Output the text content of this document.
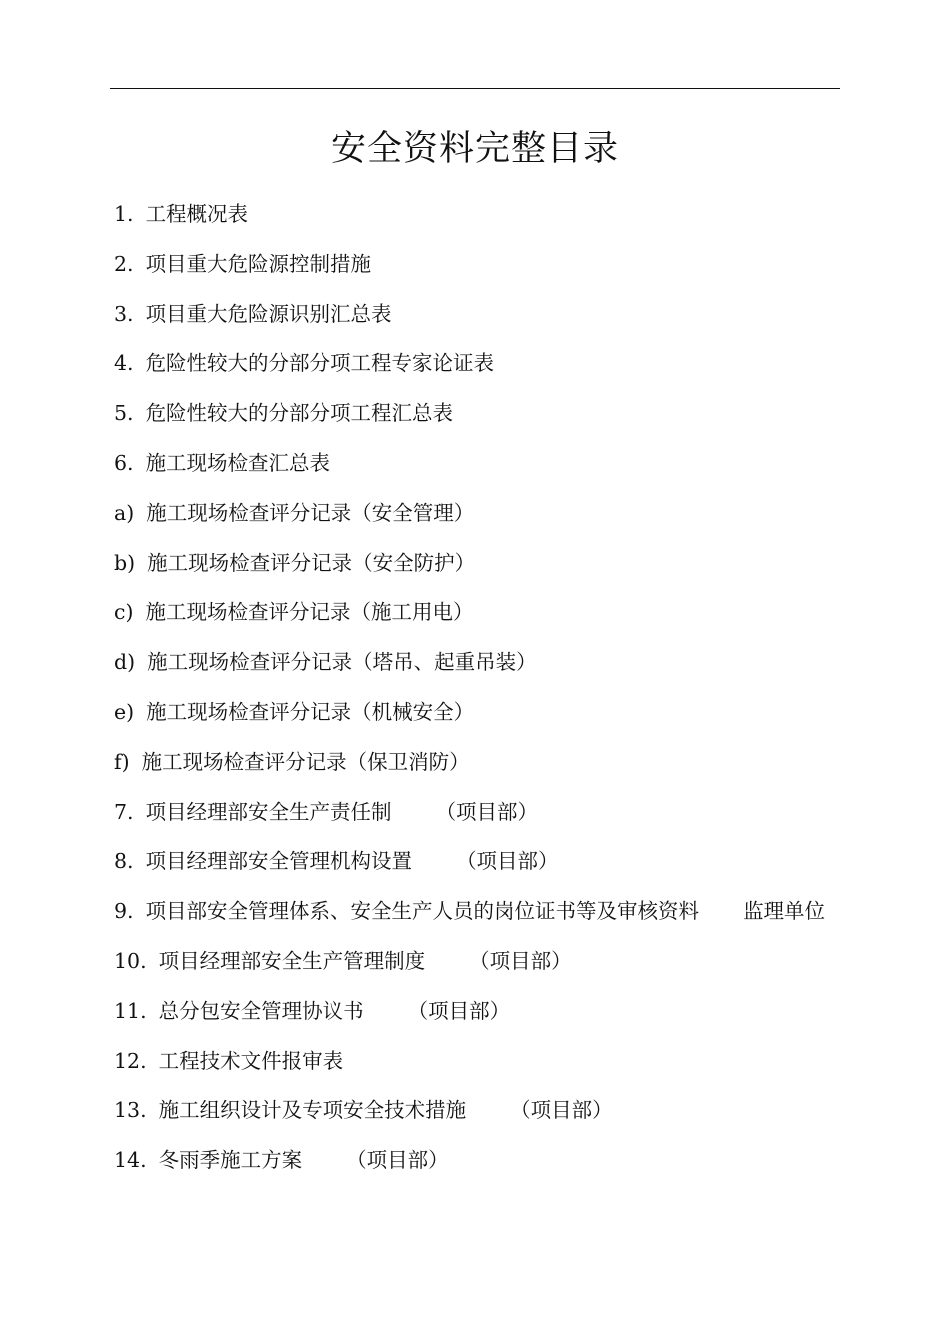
安全资料完整目录
1. 工程概况表
2. 项目重大危险源控制措施
3. 项目重大危险源识别汇总表
4. 危险性较大的分部分项工程专家论证表
5. 危险性较大的分部分项工程汇总表
6. 施工现场检查汇总表
a) 施工现场检查评分记录（安全管理）
b) 施工现场检查评分记录（安全防护）
c) 施工现场检查评分记录（施工用电）
d) 施工现场检查评分记录（塔吊、起重吊装）
e) 施工现场检查评分记录（机械安全）
f) 施工现场检查评分记录（保卫消防）
7. 项目经理部安全生产责任制 （项目部）
8. 项目经理部安全管理机构设置 （项目部）
9. 项目部安全管理体系、安全生产人员的岗位证书等及审核资料 监理单位
10. 项目经理部安全生产管理制度 （项目部）
11. 总分包安全管理协议书 （项目部）
12. 工程技术文件报审表
13. 施工组织设计及专项安全技术措施 （项目部）
14. 冬雨季施工方案 （项目部）
